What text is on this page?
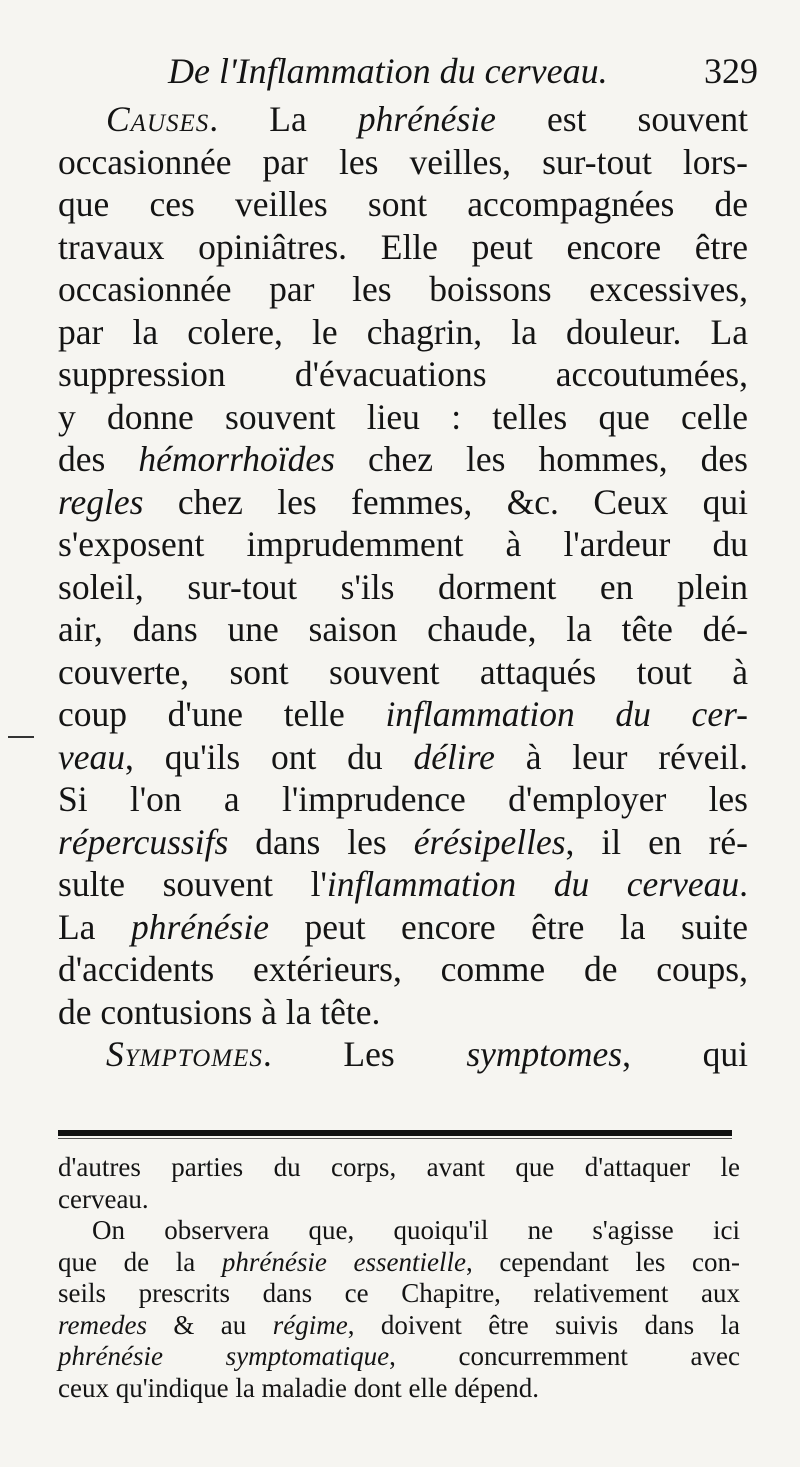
De l'Inflammation du cerveau.	329
Causes. La phrénésie est souvent
occasionnée par les veilles, sur-tout lors-
que ces veilles sont accompagnées de
travaux opiniâtres. Elle peut encore être
occasionnée par les boissons excessives,
par la colere, le chagrin, la douleur. La
suppression d'évacuations accoutumées,
y donne souvent lieu : telles que celle
des hémorrhoïdes chez les hommes, des
regles chez les femmes, &c. Ceux qui
s'exposent imprudemment à l'ardeur du
soleil, sur-tout s'ils dorment en plein
air, dans une saison chaude, la tête dé-
couverte, sont souvent attaqués tout à
coup d'une telle inflammation du cer-
veau, qu'ils ont du délire à leur réveil.
Si l'on a l'imprudence d'employer les
répercussifs dans les érésipelles, il en ré-
sulte souvent l'inflammation du cerveau.
La phrénésie peut encore être la suite
d'accidents extérieurs, comme de coups,
de contusions à la tête.
Symptomes. Les symptomes, qui
d'autres parties du corps, avant que d'attaquer le
cerveau.
On observera que, quoiqu'il ne s'agisse ici
que de la phrénésie essentielle, cependant les con-
seils prescrits dans ce Chapitre, relativement aux
remedes & au régime, doivent être suivis dans la
phrénésie symptomatique, concurremment avec
ceux qu'indique la maladie dont elle dépend.
